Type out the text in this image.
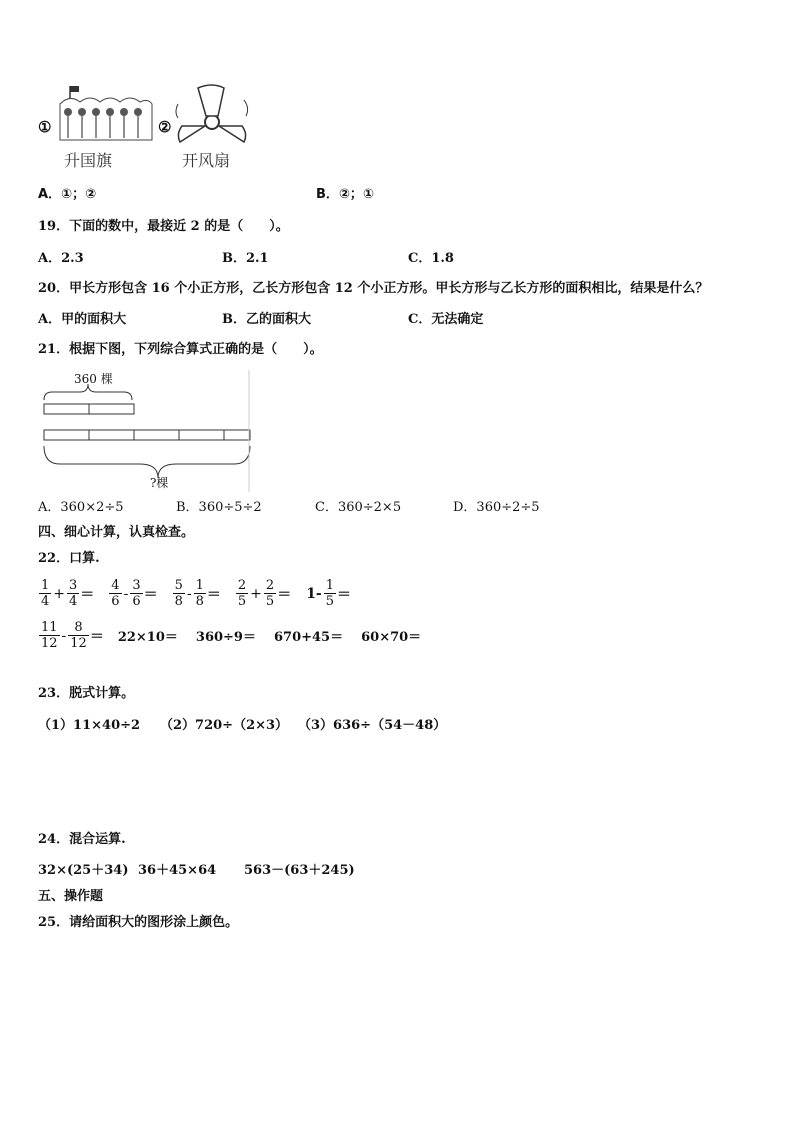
①
升国旗
②
开风扇
A．①；②	B．②；①
19．下面的数中，最接近 2 的是（　　）。
A．2.3	B．2.1	C．1.8
20．甲长方形包含 16 个小正方形，乙长方形包含 12 个小正方形。甲长方形与乙长方形的面积相比，结果是什么？
A．甲的面积大	B．乙的面积大	C．无法确定
21．根据下图，下列综合算式正确的是（　　）。
360 棵
?棵
A．360×2÷5	B．360÷5÷2	C．360÷2×5	D．360÷2÷5
四、细心计算，认真检查。
22．口算.
$\frac{1}{4} + \frac{3}{4} = \frac{4}{6} - \frac{3}{6} = \frac{5}{8} - \frac{1}{8} = \frac{2}{5} + \frac{2}{5} = 1- \frac{1}{5}$ ＝
$\frac{11}{12} - \frac{8}{12} = 22\times 10= 360\div 9= 670+45= 60\times 70=$
23．脱式计算。
（1）11×40÷2 （2）720÷（2×3） （3）636÷（54－48）
24．混合运算.
32×(25＋34) 36＋45×64 563－(63＋245)
五、操作题
25．请给面积大的图形涂上颜色。
